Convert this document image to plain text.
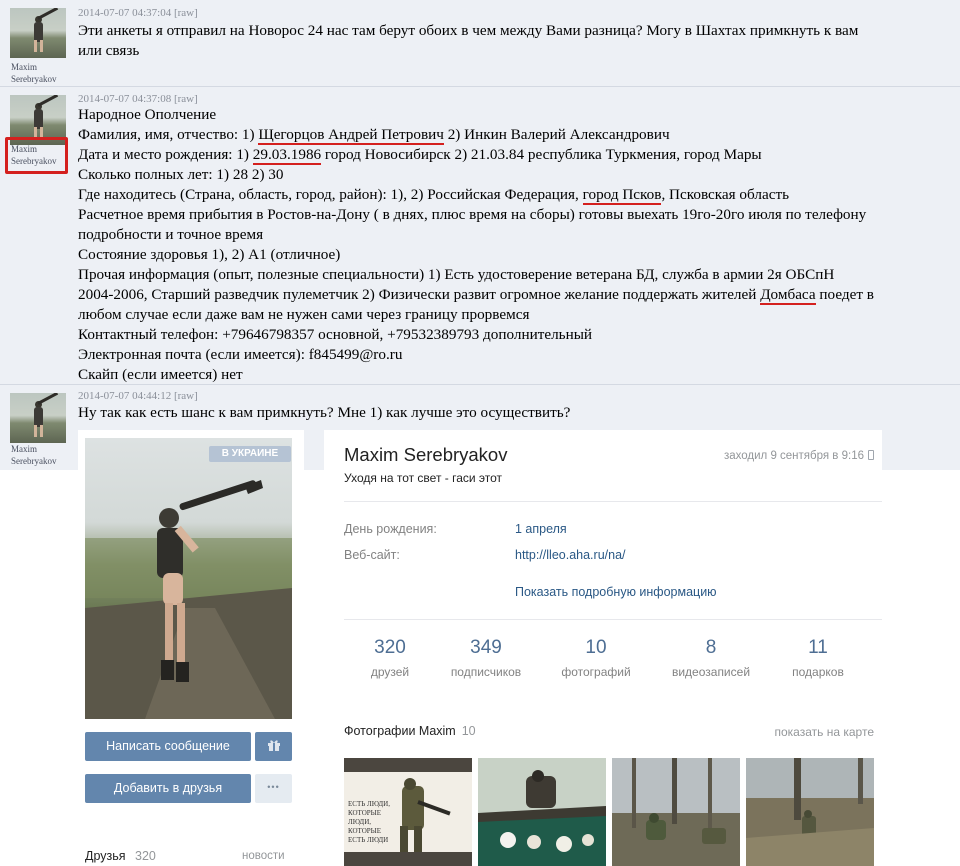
Maxim
Serebryakov
2014-07-07 04:37:04 [raw]
Эти анкеты я отправил на Новорос 24 нас там берут обоих в чем между Вами разница? Могу в Шахтах примкнуть к вам
или связь
Maxim
Serebryakov
2014-07-07 04:37:08 [raw]
Народное Ополчение
Фамилия, имя, отчество: 1) Щегорцов Андрей Петрович 2) Инкин Валерий Александрович
Дата и место рождения: 1) 29.03.1986 город Новосибирск 2) 21.03.84 республика Туркмения, город Мары
Сколько полных лет: 1) 28 2) 30
Где находитесь (Страна, область, город, район): 1), 2) Российская Федерация, город Псков, Псковская область
Расчетное время прибытия в Ростов-на-Дону ( в днях, плюс время на сборы) готовы выехать 19го-20го июля по телефону
подробности и точное время
Состояние здоровья 1), 2) А1 (отличное)
Прочая информация (опыт, полезные специальности) 1) Есть удостоверение ветерана БД, служба в армии 2я ОБСпН
2004-2006, Старший разведчик пулеметчик 2) Физически развит огромное желание поддержать жителей Домбаса поедет в
любом случае если даже вам не нужен сами через границу прорвемся
Контактный телефон: +79646798357 основной, +79532389793 дополнительный
Электронная почта (если имеется): f845499@ro.ru
Скайп (если имеется) нет
Maxim
Serebryakov
2014-07-07 04:44:12 [raw]
Ну так как есть шанс к вам примкнуть? Мне 1) как лучше это осуществить?
В УКРАИНЕ
Написать сообщение
Добавить в друзья	•••
Друзья 320	новости
Maxim Serebryakov
Уходя на тот свет - гаси этот
заходил 9 сентября в 9:16
День рождения:	1 апреля
Веб-сайт:	http://lleo.aha.ru/na/
Показать подробную информацию
320
друзей
349
подписчиков
10
фотографий
8
видеозаписей
11
подарков
Фотографии Maxim 10	показать на карте
ЕСТЬ ЛЮДИ, КОТОРЫЕ ЛЮДИ, КОТОРЫЕ ЕСТЬ ЛЮДИ
